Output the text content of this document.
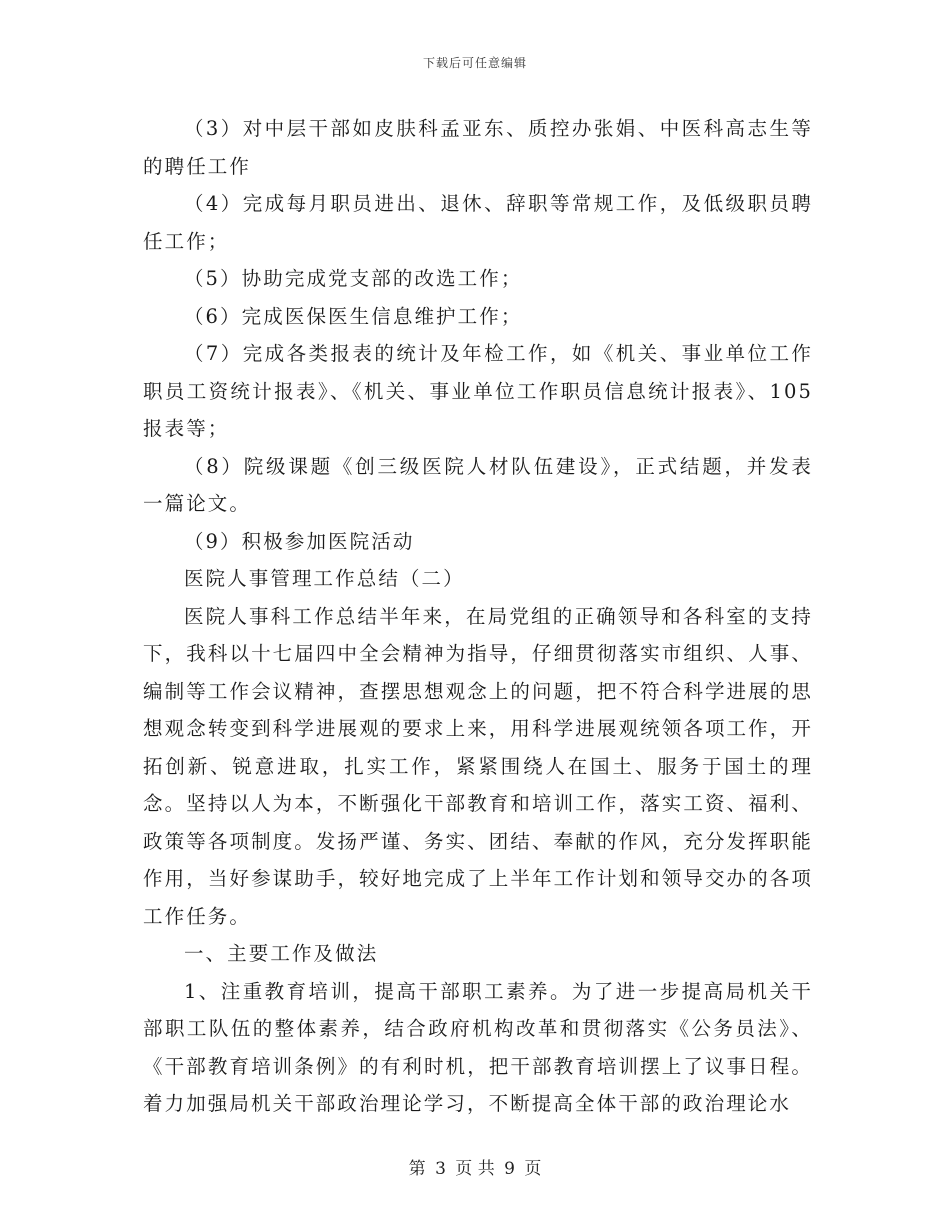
下载后可任意编辑

（3）对中层干部如皮肤科孟亚东、质控办张娟、中医科高志生等的聘任工作

（4）完成每月职员进出、退休、辞职等常规工作，及低级职员聘任工作；

（5）协助完成党支部的改选工作；

（6）完成医保医生信息维护工作；

（7）完成各类报表的统计及年检工作，如《机关、事业单位工作职员工资统计报表》、《机关、事业单位工作职员信息统计报表》、105报表等；

（8）院级课题《创三级医院人材队伍建设》，正式结题，并发表一篇论文。

（9）积极参加医院活动

医院人事管理工作总结（二）

医院人事科工作总结半年来，在局党组的正确领导和各科室的支持下，我科以十七届四中全会精神为指导，仔细贯彻落实市组织、人事、编制等工作会议精神，查摆思想观念上的问题，把不符合科学进展的思想观念转变到科学进展观的要求上来，用科学进展观统领各项工作，开拓创新、锐意进取，扎实工作，紧紧围绕人在国土、服务于国土的理念。坚持以人为本，不断强化干部教育和培训工作，落实工资、福利、政策等各项制度。发扬严谨、务实、团结、奉献的作风，充分发挥职能作用，当好参谋助手，较好地完成了上半年工作计划和领导交办的各项工作任务。

一、主要工作及做法

1、注重教育培训，提高干部职工素养。为了进一步提高局机关干部职工队伍的整体素养，结合政府机构改革和贯彻落实《公务员法》、《干部教育培训条例》的有利时机，把干部教育培训摆上了议事日程。着力加强局机关干部政治理论学习，不断提高全体干部的政治理论水

第 3 页 共 9 页
